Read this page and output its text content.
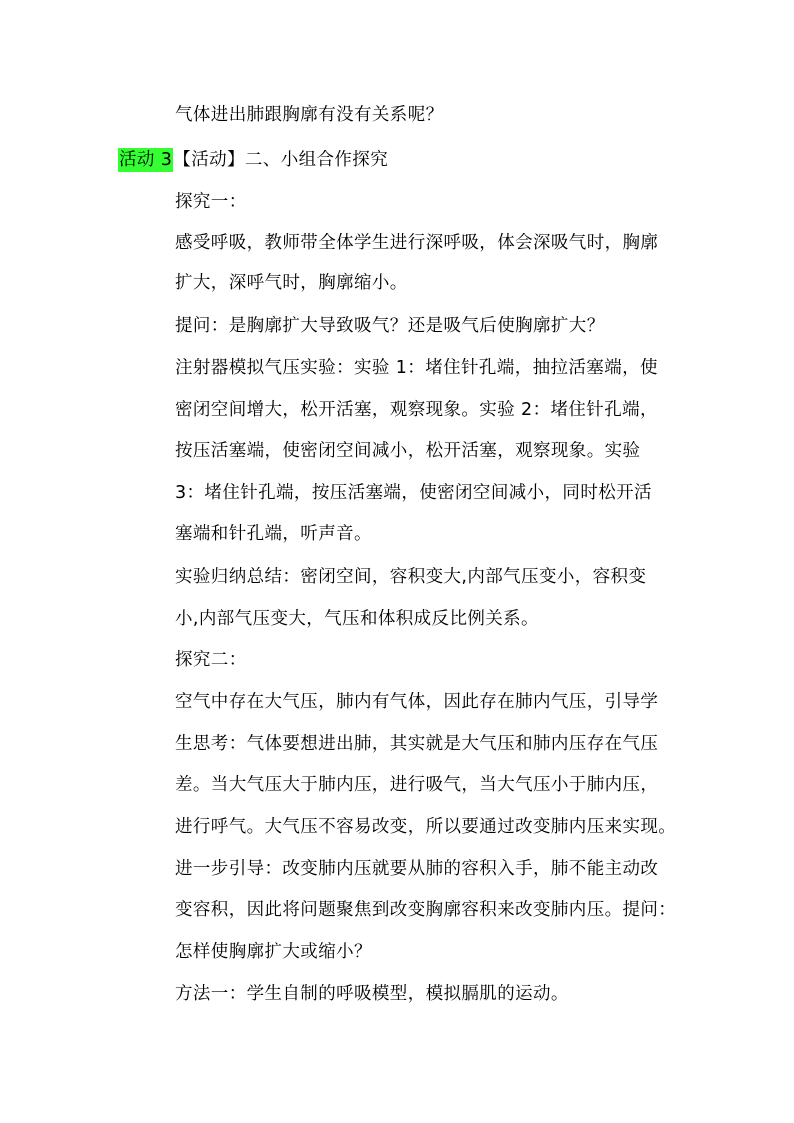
气体进出肺跟胸廓有没有关系呢？
活动 3【活动】二、小组合作探究
探究一：
感受呼吸，教师带全体学生进行深呼吸，体会深吸气时，胸廓
扩大，深呼气时，胸廓缩小。
提问：是胸廓扩大导致吸气？还是吸气后使胸廓扩大？
注射器模拟气压实验：实验 1：堵住针孔端，抽拉活塞端，使
密闭空间增大，松开活塞，观察现象。实验 2：堵住针孔端，
按压活塞端，使密闭空间减小，松开活塞，观察现象。实验
3：堵住针孔端，按压活塞端，使密闭空间减小，同时松开活
塞端和针孔端，听声音。
实验归纳总结：密闭空间，容积变大,内部气压变小，容积变
小,内部气压变大，气压和体积成反比例关系。
探究二：
空气中存在大气压，肺内有气体，因此存在肺内气压，引导学
生思考：气体要想进出肺，其实就是大气压和肺内压存在气压
差。当大气压大于肺内压，进行吸气，当大气压小于肺内压，
进行呼气。大气压不容易改变，所以要通过改变肺内压来实现。
进一步引导：改变肺内压就要从肺的容积入手，肺不能主动改
变容积，因此将问题聚焦到改变胸廓容积来改变肺内压。提问：
怎样使胸廓扩大或缩小？
方法一：学生自制的呼吸模型，模拟膈肌的运动。
